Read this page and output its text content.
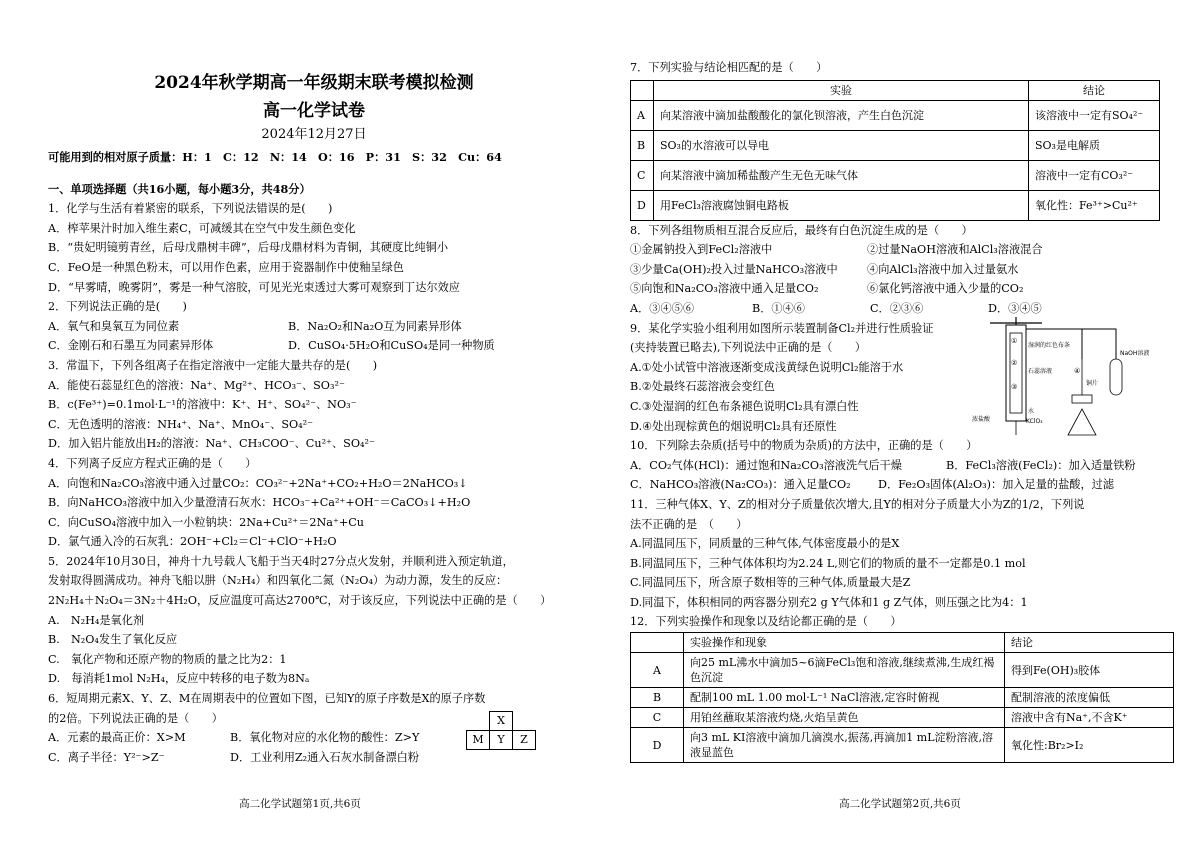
2024年秋学期高一年级期末联考模拟检测
高一化学试卷
2024年12月27日
可能用到的相对原子质量：H：1　C：12　N：14　O：16　P：31　S：32　Cu：64
一、单项选择题（共16小题，每小题3分，共48分）
1．化学与生活有着紧密的联系，下列说法错误的是(　　)
A．榨苹果汁时加入维生素C，可减缓其在空气中发生颜色变化
B．“贵妃明镜剪青丝，后母戊鼎树丰碑”，后母戊鼎材料为青铜，其硬度比纯铜小
C．FeO是一种黑色粉末，可以用作色素，应用于瓷器制作中使釉呈绿色
D．“早雾晴，晚雾阴”，雾是一种气溶胶，可见光光束透过大雾可观察到丁达尔效应
2．下列说法正确的是(　　)
A．氧气和臭氧互为同位素	B．Na₂O₂和Na₂O互为同素异形体
C．金刚石和石墨互为同素异形体	D．CuSO₄·5H₂O和CuSO₄是同一种物质
3．常温下，下列各组离子在指定溶液中一定能大量共存的是(　　)
A．能使石蕊显红色的溶液：Na⁺、Mg²⁺、HCO₃⁻、SO₃²⁻
B．c(Fe³⁺)=0.1mol·L⁻¹的溶液中：K⁺、H⁺、SO₄²⁻、NO₃⁻
C．无色透明的溶液：NH₄⁺、Na⁺、MnO₄⁻、SO₄²⁻
D．加入铝片能放出H₂的溶液：Na⁺、CH₃COO⁻、Cu²⁺、SO₄²⁻
4．下列离子反应方程式正确的是（　　）
A．向饱和Na₂CO₃溶液中通入过量CO₂：CO₃²⁻+2Na⁺+CO₂+H₂O＝2NaHCO₃↓
B．向NaHCO₃溶液中加入少量澄清石灰水：HCO₃⁻+Ca²⁺+OH⁻＝CaCO₃↓+H₂O
C．向CuSO₄溶液中加入一小粒钠块：2Na+Cu²⁺＝2Na⁺+Cu
D．氯气通入冷的石灰乳：2OH⁻+Cl₂＝Cl⁻+ClO⁻+H₂O
5．2024年10月30日，神舟十九号载人飞船于当天4时27分点火发射，并顺利进入预定轨道，
发射取得圆满成功。神舟飞船以肼（N₂H₄）和四氧化二氮（N₂O₄）为动力源，发生的反应：
2N₂H₄＋N₂O₄＝3N₂＋4H₂O，反应温度可高达2700℃，对于该反应，下列说法中正确的是（　　）
A.　N₂H₄是氧化剂
B.　N₂O₄发生了氧化反应
C.　氧化产物和还原产物的物质的量之比为2：1
D.　每消耗1mol N₂H₄，反应中转移的电子数为8Nₐ
6．短周期元素X、Y、Z、M在周期表中的位置如下图，已知Y的原子序数是X的原子序数
的2倍。下列说法正确的是（　　）
A．元素的最高正价：X>M	B．氧化物对应的水化物的酸性：Z>Y
C．离子半径：Y²⁻>Z⁻	D．工业利用Z₂通入石灰水制备漂白粉
	X	
M	Y	Z
高二化学试题第1页,共6页
7．下列实验与结论相匹配的是（　　）
	实验	结论
A	向某溶液中滴加盐酸酸化的氯化钡溶液，产生白色沉淀	该溶液中一定有SO₄²⁻
B	SO₃的水溶液可以导电	SO₃是电解质
C	向某溶液中滴加稀盐酸产生无色无味气体	溶液中一定有CO₃²⁻
D	用FeCl₃溶液腐蚀铜电路板	氧化性：Fe³⁺>Cu²⁺
8．下列各组物质相互混合反应后，最终有白色沉淀生成的是（　　）
①金属钠投入到FeCl₂溶液中	②过量NaOH溶液和AlCl₃溶液混合
③少量Ca(OH)₂投入过量NaHCO₃溶液中	④向AlCl₃溶液中加入过量氨水
⑤向饱和Na₂CO₃溶液中通入足量CO₂	⑥氯化钙溶液中通入少量的CO₂
A．③④⑤⑥	B．①④⑥	C．②③⑥	D．③④⑤
9．某化学实验小组利用如图所示装置制备Cl₂并进行性质验证
(夹持装置已略去),下列说法中正确的是（　　）
A.①处小试管中溶液逐渐变成浅黄绿色说明Cl₂能溶于水
B.②处最终石蕊溶液会变红色
C.③处湿润的红色布条褪色说明Cl₂具有漂白性
D.④处出现棕黄色的烟说明Cl₂具有还原性
①
②
③
④
湿润的红色布条
石蕊溶液
浓盐酸
水
KClO₃
铜片
NaOH溶液
10．下列除去杂质(括号中的物质为杂质)的方法中，正确的是（　　）
A．CO₂气体(HCl)：通过饱和Na₂CO₃溶液洗气后干燥	B．FeCl₃溶液(FeCl₂)：加入适量铁粉
C．NaHCO₃溶液(Na₂CO₃)：通入足量CO₂	D．Fe₂O₃固体(Al₂O₃)：加入足量的盐酸，过滤
11．三种气体X、Y、Z的相对分子质量依次增大,且Y的相对分子质量大小为Z的1/2，下列说
法不正确的是　（　　）
A.同温同压下，同质量的三种气体,气体密度最小的是X
B.同温同压下，三种气体体积均为2.24 L,则它们的物质的量不一定都是0.1 mol
C.同温同压下，所含原子数相等的三种气体,质量最大是Z
D.同温下，体积相同的两容器分别充2 g Y气体和1 g Z气体，则压强之比为4：1
12．下列实验操作和现象以及结论都正确的是（　　）
	实验操作和现象	结论
A	向25 mL沸水中滴加5~6滴FeCl₃饱和溶液,继续煮沸,生成红褐色沉淀	得到Fe(OH)₃胶体
B	配制100 mL 1.00 mol·L⁻¹ NaCl溶液,定容时俯视	配制溶液的浓度偏低
C	用铂丝蘸取某溶液灼烧,火焰呈黄色	溶液中含有Na⁺,不含K⁺
D	向3 mL KI溶液中滴加几滴溴水,振荡,再滴加1 mL淀粉溶液,溶液显蓝色	氧化性:Br₂>I₂
高二化学试题第2页,共6页
